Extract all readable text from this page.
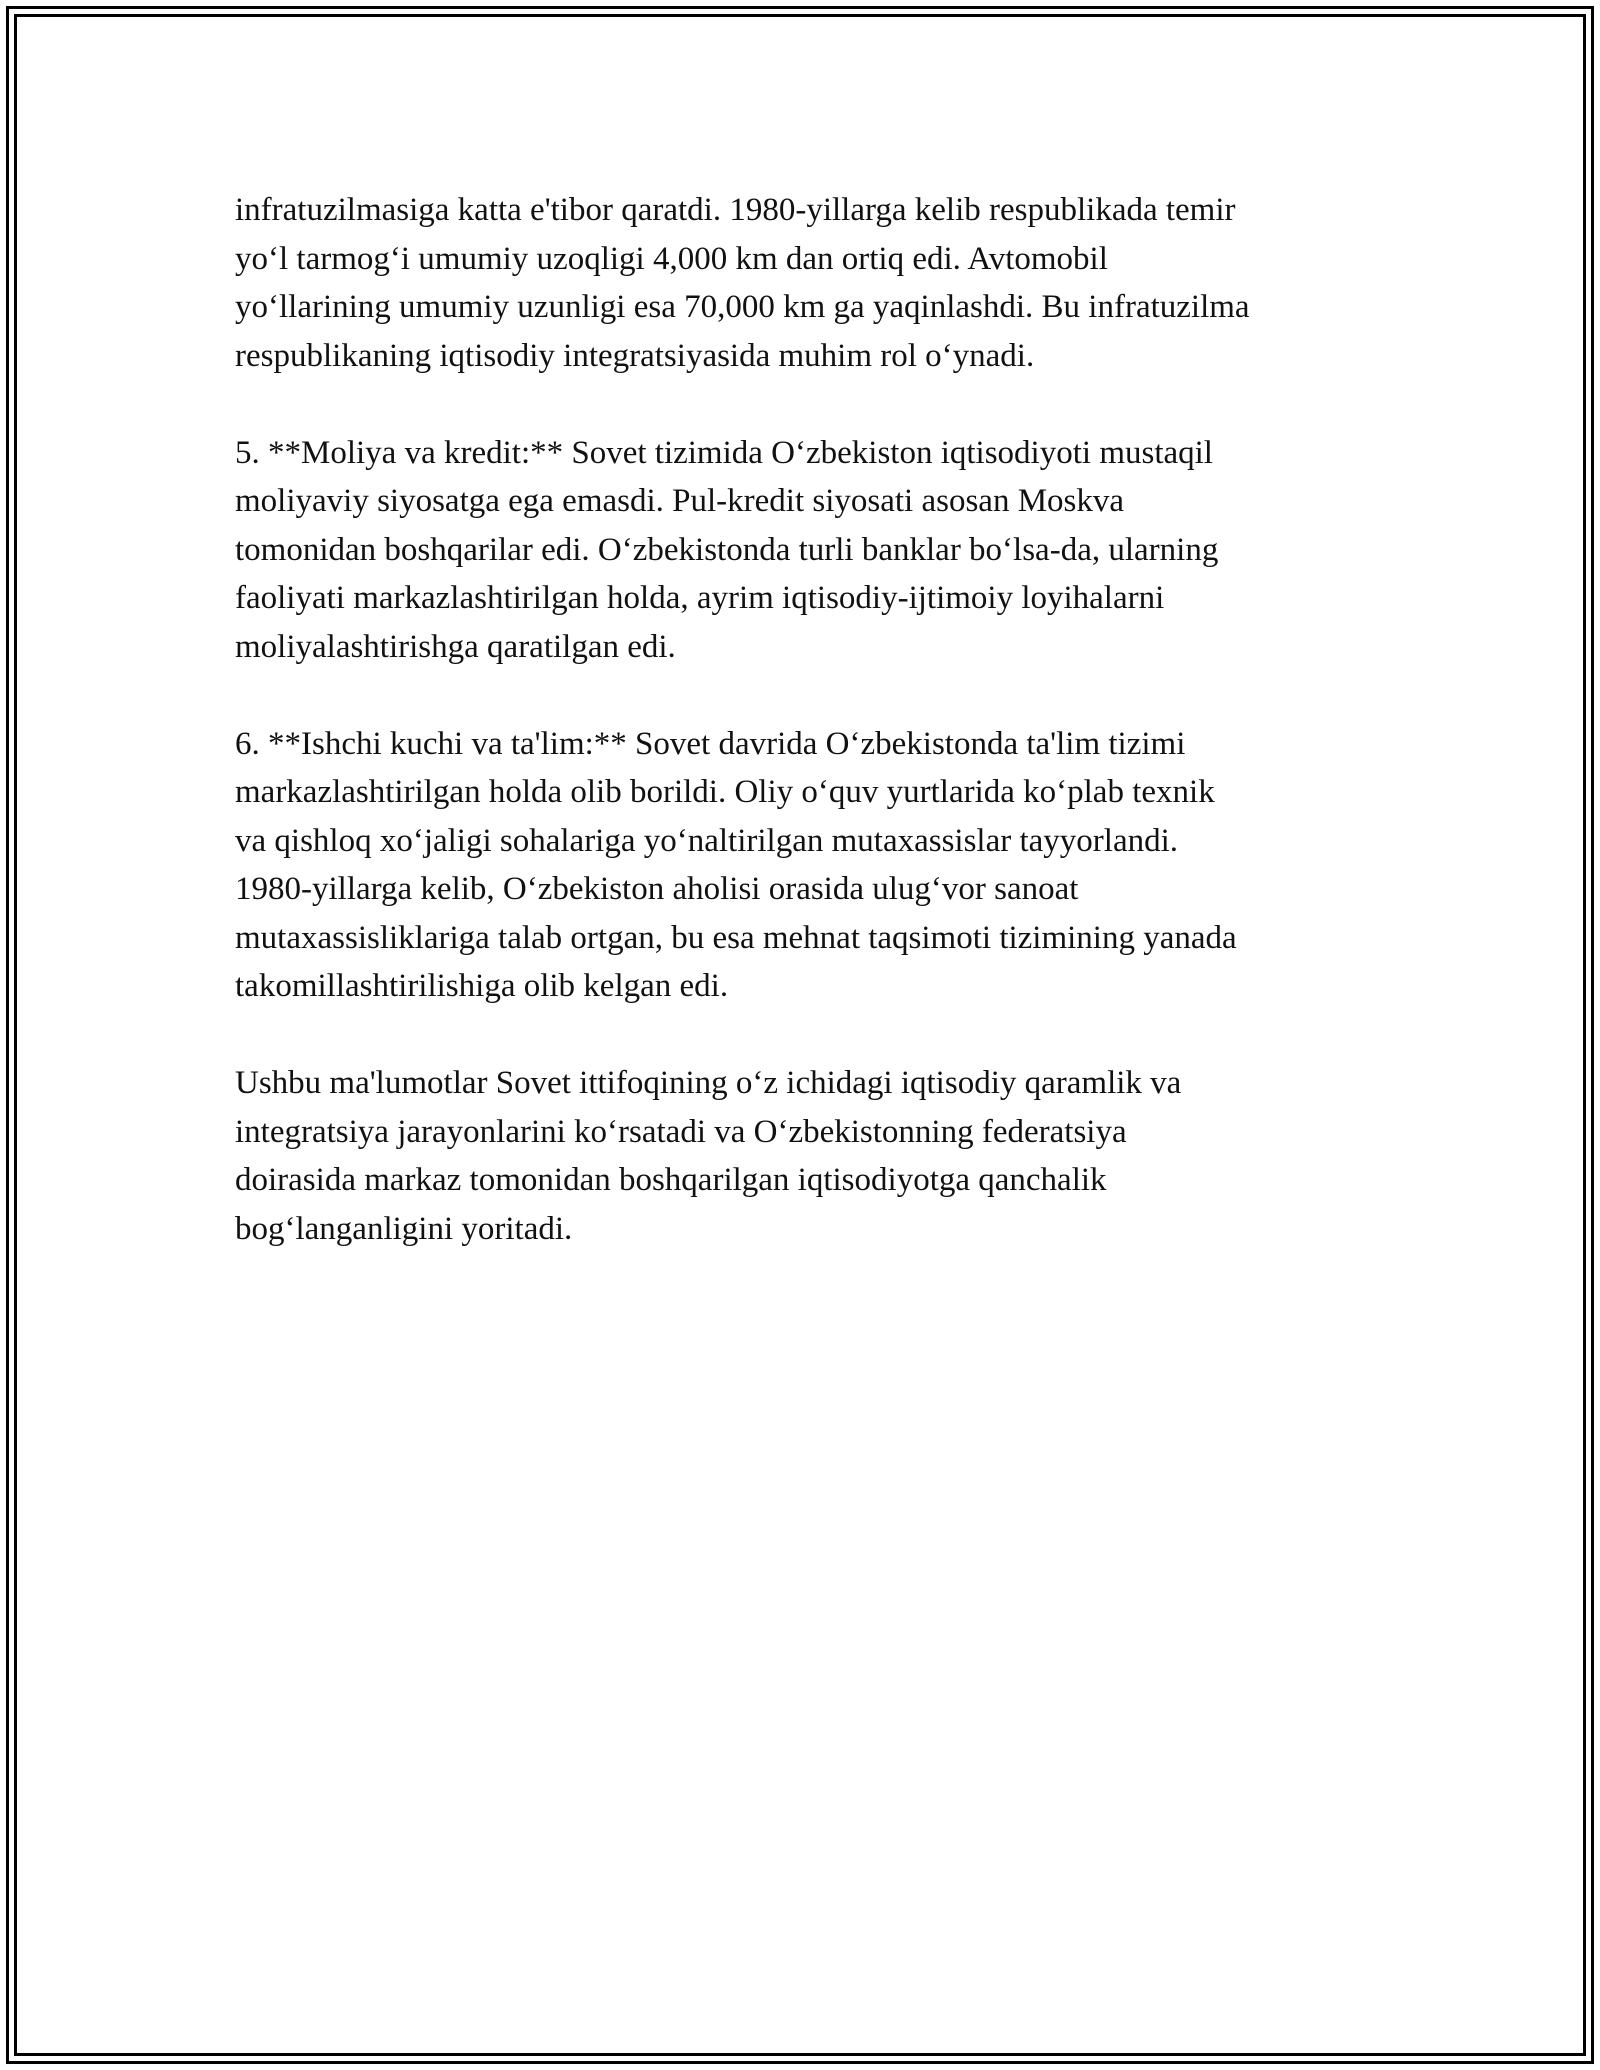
infratuzilmasiga katta e'tibor qaratdi. 1980-yillarga kelib respublikada temir
yo‘l tarmog‘i umumiy uzoqligi 4,000 km dan ortiq edi. Avtomobil
yo‘llarining umumiy uzunligi esa 70,000 km ga yaqinlashdi. Bu infratuzilma
respublikaning iqtisodiy integratsiyasida muhim rol o‘ynadi.

5. **Moliya va kredit:** Sovet tizimida O‘zbekiston iqtisodiyoti mustaqil
moliyaviy siyosatga ega emasdi. Pul-kredit siyosati asosan Moskva
tomonidan boshqarilar edi. O‘zbekistonda turli banklar bo‘lsa-da, ularning
faoliyati markazlashtirilgan holda, ayrim iqtisodiy-ijtimoiy loyihalarni
moliyalashtirishga qaratilgan edi.

6. **Ishchi kuchi va ta'lim:** Sovet davrida O‘zbekistonda ta'lim tizimi
markazlashtirilgan holda olib borildi. Oliy o‘quv yurtlarida ko‘plab texnik
va qishloq xo‘jaligi sohalariga yo‘naltirilgan mutaxassislar tayyorlandi.
1980-yillarga kelib, O‘zbekiston aholisi orasida ulug‘vor sanoat
mutaxassisliklariga talab ortgan, bu esa mehnat taqsimoti tizimining yanada
takomillashtirilishiga olib kelgan edi.

Ushbu ma'lumotlar Sovet ittifoqining o‘z ichidagi iqtisodiy qaramlik va
integratsiya jarayonlarini ko‘rsatadi va O‘zbekistonning federatsiya
doirasida markaz tomonidan boshqarilgan iqtisodiyotga qanchalik
bog‘langanligini yoritadi.
